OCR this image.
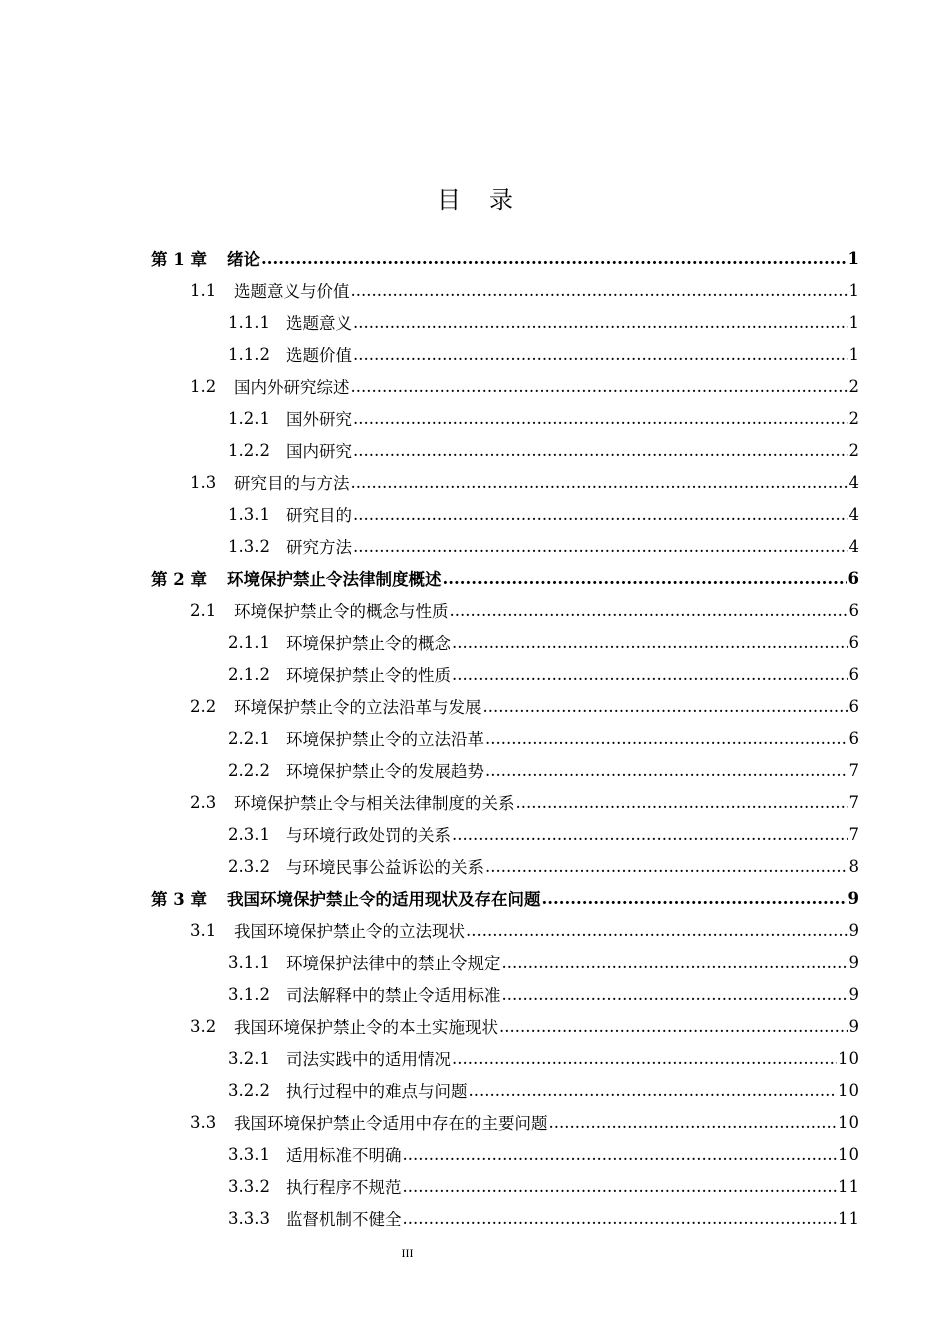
目录
第 1 章	绪论 .....	1
1.1	选题意义与价值 .....	1
1.1.1 选题意义 .....	1
1.1.2 选题价值 .....	1
1.2	国内外研究综述 .....	2
1.2.1 国外研究 .....	2
1.2.2 国内研究 .....	2
1.3	研究目的与方法 .....	4
1.3.1 研究目的 .....	4
1.3.2 研究方法 .....	4
第 2 章	环境保护禁止令法律制度概述 .....	6
2.1	环境保护禁止令的概念与性质 .....	6
2.1.1 环境保护禁止令的概念 .....	6
2.1.2 环境保护禁止令的性质 .....	6
2.2	环境保护禁止令的立法沿革与发展 .....	6
2.2.1 环境保护禁止令的立法沿革 .....	6
2.2.2 环境保护禁止令的发展趋势 .....	7
2.3	环境保护禁止令与相关法律制度的关系 .....	7
2.3.1 与环境行政处罚的关系 .....	7
2.3.2 与环境民事公益诉讼的关系 .....	8
第 3 章	我国环境保护禁止令的适用现状及存在问题 .....	9
3.1	我国环境保护禁止令的立法现状 .....	9
3.1.1 环境保护法律中的禁止令规定 .....	9
3.1.2 司法解释中的禁止令适用标准 .....	9
3.2	我国环境保护禁止令的本土实施现状 .....	9
3.2.1 司法实践中的适用情况 .....	10
3.2.2 执行过程中的难点与问题 .....	10
3.3	我国环境保护禁止令适用中存在的主要问题 .....	10
3.3.1 适用标准不明确 .....	10
3.3.2 执行程序不规范 .....	11
3.3.3 监督机制不健全 .....	11
III
